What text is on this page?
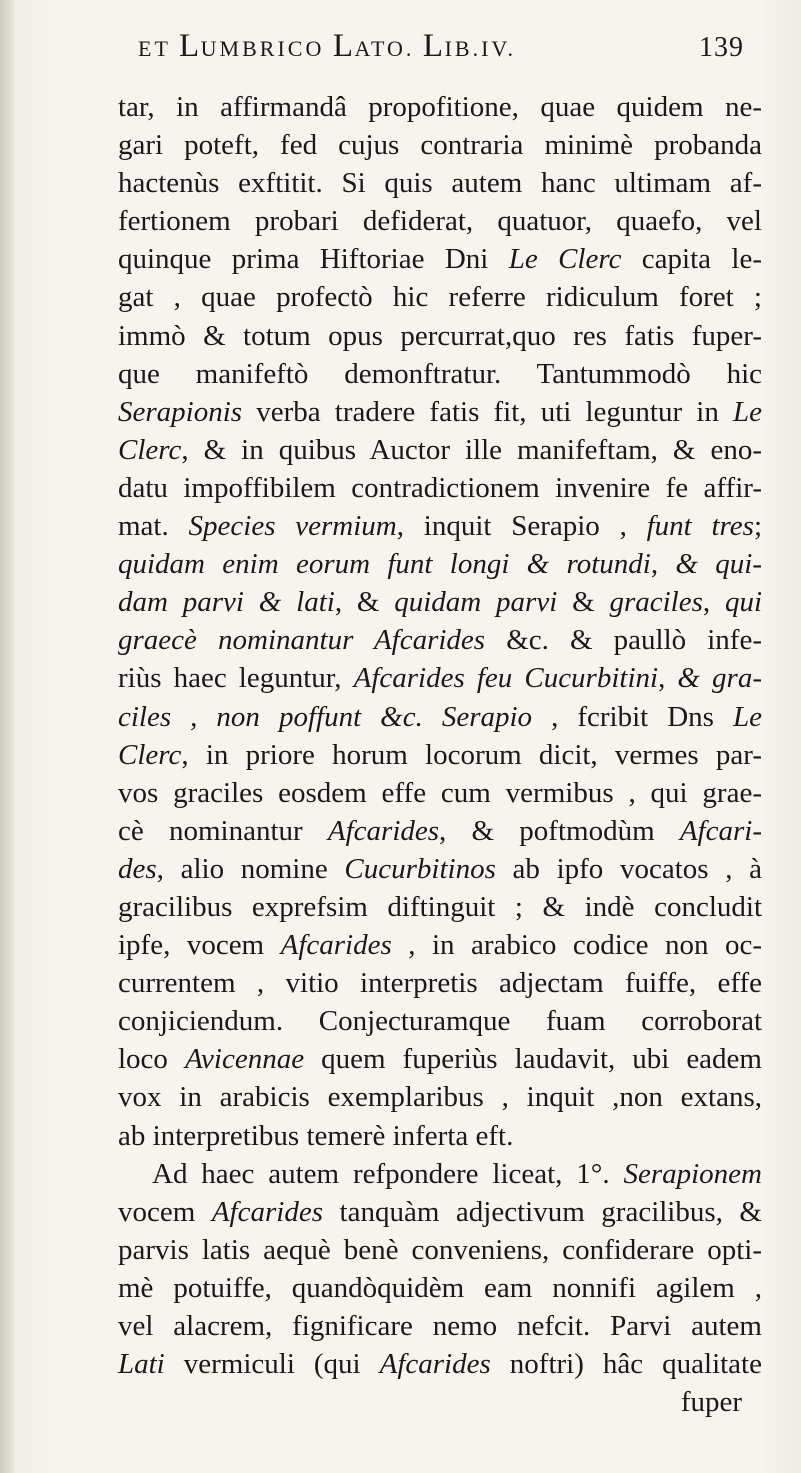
ET LUMBRICO LATO. LIB.IV.	139
tar, in affirmandâ propofitione, quae quidem ne-
gari poteft, fed cujus contraria minimè probanda
hactenùs exftitit. Si quis autem hanc ultimam af-
fertionem probari defiderat, quatuor, quaefo, vel
quinque prima Hiftoriae Dni Le Clerc capita le-
gat , quae profectò hic referre ridiculum foret ;
immò & totum opus percurrat,quo res fatis fuper-
que manifeftò demonftratur. Tantummodò hic
Serapionis verba tradere fatis fit, uti leguntur in Le
Clerc, & in quibus Auctor ille manifeftam, & eno-
datu impoffibilem contradictionem invenire fe affir-
mat. Species vermium, inquit Serapio , funt tres;
quidam enim eorum funt longi & rotundi, & qui-
dam parvi & lati, & quidam parvi & graciles, qui
graecè nominantur Afcarides &c. & paullò infe-
riùs haec leguntur, Afcarides feu Cucurbitini, & gra-
ciles , non poffunt &c. Serapio , fcribit Dns Le
Clerc, in priore horum locorum dicit, vermes par-
vos graciles eosdem effe cum vermibus , qui grae-
cè nominantur Afcarides, & poftmodùm Afcari-
des, alio nomine Cucurbitinos ab ipfo vocatos , à
gracilibus exprefsim diftinguit ; & indè concludit
ipfe, vocem Afcarides , in arabico codice non oc-
currentem , vitio interpretis adjectam fuiffe, effe
conjiciendum. Conjecturamque fuam corroborat
loco Avicennae quem fuperiùs laudavit, ubi eadem
vox in arabicis exemplaribus , inquit ,non extans,
ab interpretibus temerè inferta eft.
Ad haec autem refpondere liceat, 1°. Serapionem
vocem Afcarides tanquàm adjectivum gracilibus, &
parvis latis aequè benè conveniens, confiderare opti-
mè potuiffe, quandòquidèm eam nonnifi agilem ,
vel alacrem, fignificare nemo nefcit. Parvi autem
Lati vermiculi (qui Afcarides noftri) hâc qualitate
fuper
